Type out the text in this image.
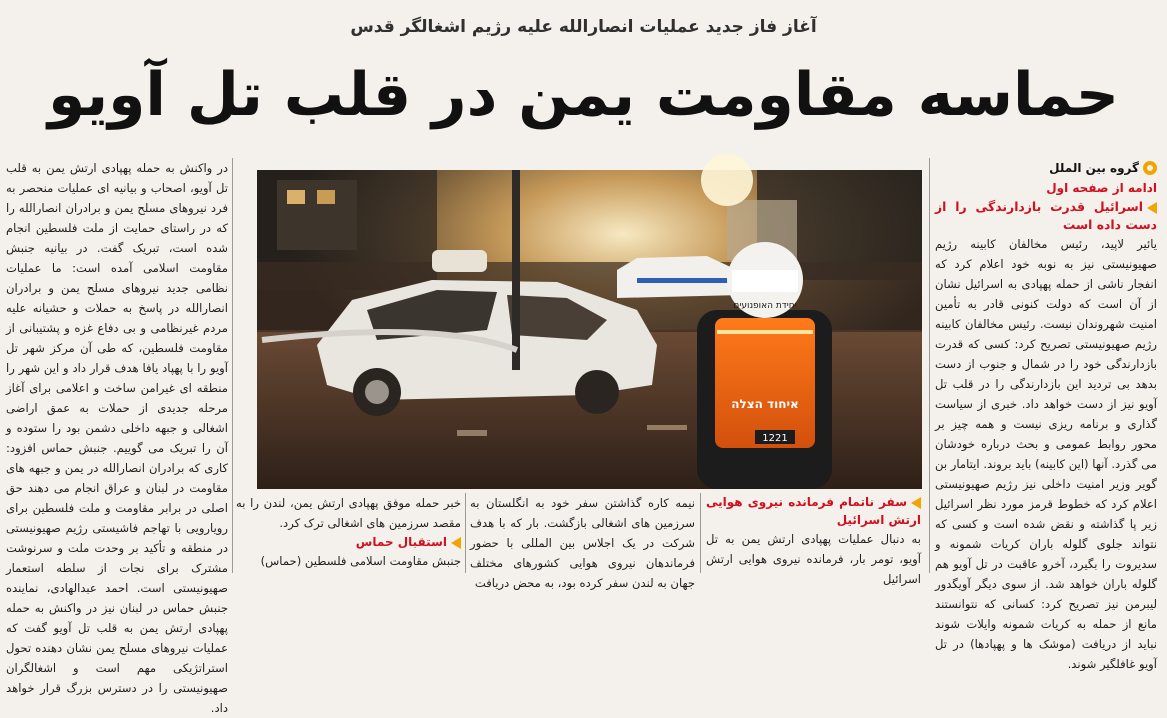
آغاز فاز جدید عملیات انصارالله علیه رژیم اشغالگر قدس
حماسه مقاومت یمن در قلب تل آویو
گروه بین الملل
ادامه از صفحه اول
اسرائیل قدرت بازدارندگی را از دست داده است
یائیر لاپید، رئیس مخالفان کابینه رژیم صهیونیستی نیز به نوبه خود اعلام کرد که انفجار ناشی از حمله پهپادی به اسرائیل نشان از آن است که دولت کنونی قادر به تأمین امنیت شهروندان نیست. رئیس مخالفان کابینه رژیم صهیونیستی تصریح کرد: کسی که قدرت بازدارندگی خود را در شمال و جنوب از دست بدهد بی تردید این بازدارندگی را در قلب تل آویو نیز از دست خواهد داد. خبری از سیاست گذاری و برنامه ریزی نیست و همه چیز بر محور روابط عمومی و بحث درباره خودشان می گذرد. آنها (این کابینه) باید بروند. ایتامار بن گویر وزیر امنیت داخلی نیز رژیم صهیونیستی اعلام کرد که خطوط قرمز مورد نظر اسرائیل زیر پا گذاشته و نقض شده است و کسی که نتواند جلوی گلوله باران کریات شمونه و سدیروت را بگیرد، آخرو عاقبت در تل آویو هم گلوله باران خواهد شد. از سوی دیگر آویگدور لیبرمن نیز تصریح کرد: کسانی که نتوانستند مانع از حمله به کریات شمونه وایلات شوند نباید از دریافت (موشک ها و پهپادها) در تل آویو غافلگیر شوند.
در واکنش به حمله پهپادی ارتش یمن به قلب تل آویو، اصحاب و بیانیه ای عملیات منحصر به فرد نیروهای مسلح یمن و برادران انصارالله را که در راستای حمایت از ملت فلسطین انجام شده است، تبریک گفت. در بیانیه جنبش مقاومت اسلامی آمده است: ما عملیات نظامی جدید نیروهای مسلح یمن و برادران انصارالله در پاسخ به حملات و حشیانه علیه مردم غیرنظامی و بی دفاع غزه و پشتیبانی از مقاومت فلسطین، که طی آن مرکز شهر تل آویو را با پهپاد یافا هدف قرار داد و این شهر را منطقه ای غیرامن ساخت و اعلامی برای آغاز مرحله جدیدی از حملات به عمق اراضی اشغالی و جبهه داخلی دشمن بود را ستوده و آن را تبریک می گوییم. جنبش حماس افزود: کاری که برادران انصارالله در یمن و جبهه های مقاومت در لبنان و عراق انجام می دهند حق اصلی در برابر مقاومت و ملت فلسطین برای رویارویی با تهاجم فاشیستی رژیم صهیونیستی در منطقه و تأکید بر وحدت ملت و سرنوشت مشترک برای نجات از سلطه استعمار صهیونیستی است. احمد عبدالهادی، نماینده جنبش حماس در لبنان نیز در واکنش به حمله پهپادی ارتش یمن به قلب تل آویو گفت که عملیات نیروهای مسلح یمن نشان دهنده تحول استراتژیکی مهم است و اشغالگران صهیونیستی را در دسترس بزرگ قرار خواهد داد.
יחידת האופנועים
איחוד הצלה
1221
سفر ناتمام فرمانده نیروی هوایی ارتش اسرائیل
به دنبال عملیات پهپادی ارتش یمن به تل آویو، تومر بار، فرمانده نیروی هوایی ارتش اسرائیل
نیمه کاره گذاشتن سفر خود به انگلستان به سرزمین های اشغالی بازگشت. بار که با هدف شرکت در یک اجلاس بین المللی با حضور فرماندهان نیروی هوایی کشورهای مختلف جهان به لندن سفر کرده بود، به محض دریافت
خبر حمله موفق پهپادی ارتش یمن، لندن را به مقصد سرزمین های اشغالی ترک کرد.
استقبال حماس
جنبش مقاومت اسلامی فلسطین (حماس)
